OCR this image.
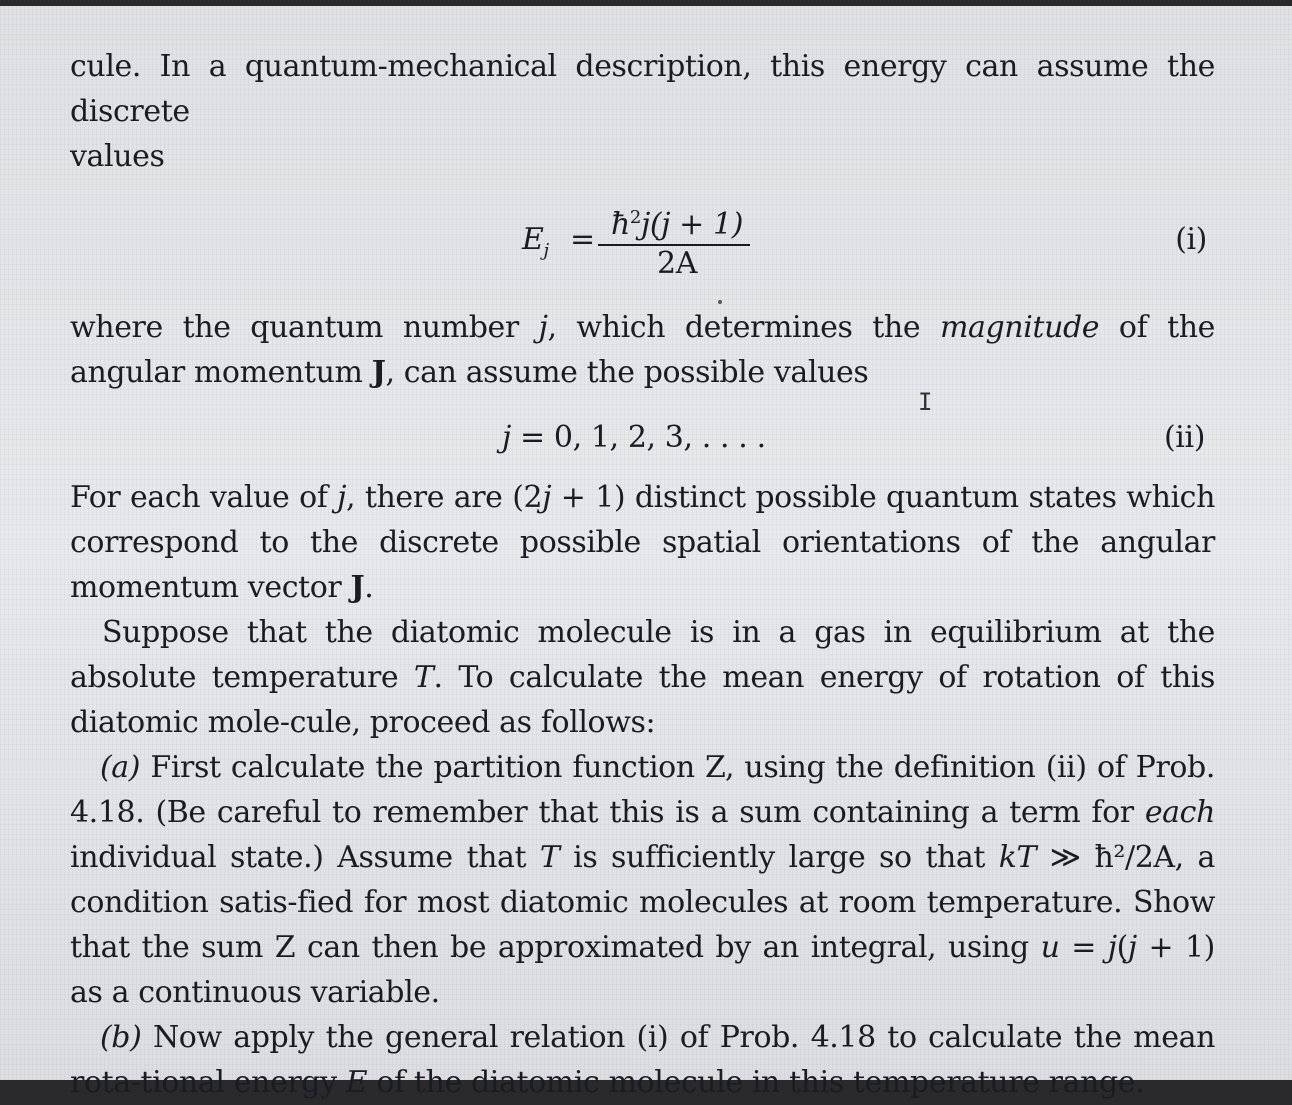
cule. In a quantum-mechanical description, this energy can assume the discrete
values

$E_j$ = $ħ^2j(j + 1)$
2A
(i)

where the quantum number j, which determines the magnitude of the angular momentum J, can assume the possible values

j = 0, 1, 2, 3, . . . .	(ii)

For each value of j, there are (2j + 1) distinct possible quantum states which correspond to the discrete possible spatial orientations of the angular momentum vector J.

Suppose that the diatomic molecule is in a gas in equilibrium at the absolute temperature T. To calculate the mean energy of rotation of this diatomic mole-cule, proceed as follows:

(a) First calculate the partition function Z, using the definition (ii) of Prob. 4.18. (Be careful to remember that this is a sum containing a term for each individual state.) Assume that T is sufficiently large so that kT ≫ ħ²/2A, a condition satis-fied for most diatomic molecules at room temperature. Show that the sum Z can then be approximated by an integral, using u = j(j + 1) as a continuous variable.

(b) Now apply the general relation (i) of Prob. 4.18 to calculate the mean rota-tional energy E of the diatomic molecule in this temperature range.

I
